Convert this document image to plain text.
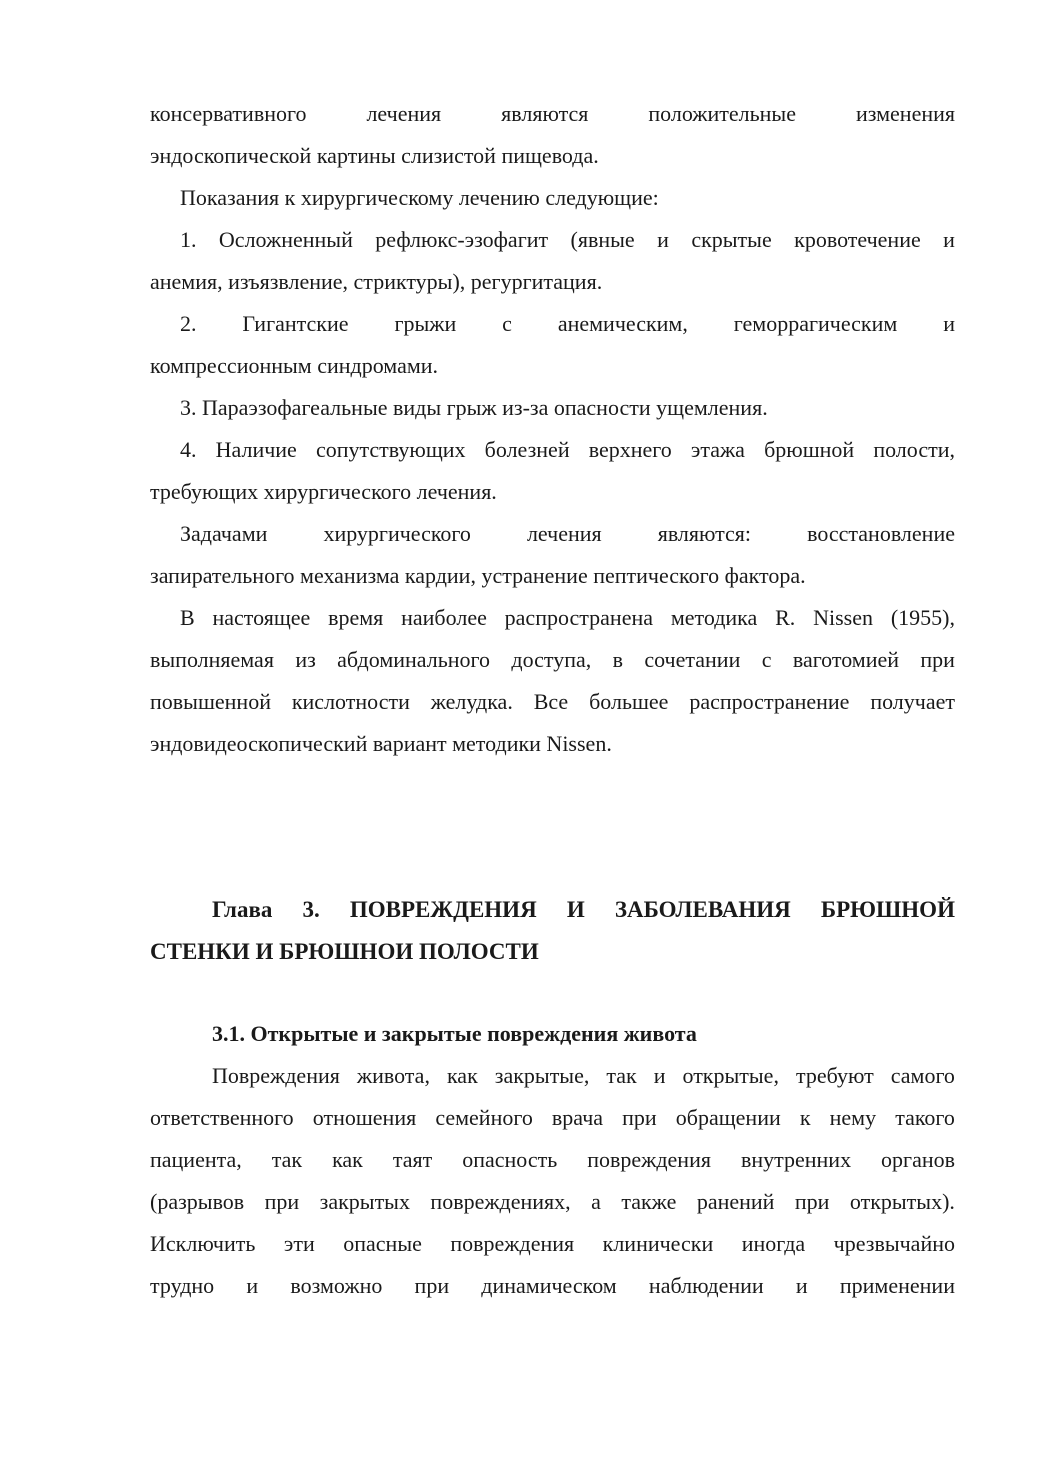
консервативного	лечения	являются	положительные	изменения
эндоскопической картины слизистой пищевода.
Показания к хирургическому лечению следующие:
1. Осложненный рефлюкс-эзофагит (явные и скрытые кровотечение и
анемия, изъязвление, стриктуры), регургитация.
2. Гигантские грыжи с анемическим, геморрагическим и
компрессионным синдромами.
3. Параэзофагеальные виды грыж из-за опасности ущемления.
4. Наличие сопутствующих болезней верхнего этажа брюшной полости,
требующих хирургического лечения.
Задачами	хирургического	лечения	являются:	восстановление
запирательного механизма кардии, устранение пептического фактора.
В настоящее время наиболее распространена методика R. Nissen (1955),
выполняемая из абдоминального доступа, в сочетании с ваготомией при
повышенной кислотности желудка. Все большее распространение получает
эндовидеоскопический вариант методики Nissen.
Глава 3. ПОВРЕЖДЕНИЯ И ЗАБОЛЕВАНИЯ БРЮШНОЙ
СТЕНКИ И БРЮШНОИ ПОЛОСТИ
3.1. Открытые и закрытые повреждения живота
Повреждения живота, как закрытые, так и открытые, требуют самого
ответственного отношения семейного врача при обращении к нему такого
пациента, так как таят опасность повреждения внутренних органов
(разрывов при закрытых повреждениях, а также ранений при открытых).
Исключить эти опасные повреждения клинически иногда чрезвычайно
трудно и возможно при динамическом наблюдении и применении
